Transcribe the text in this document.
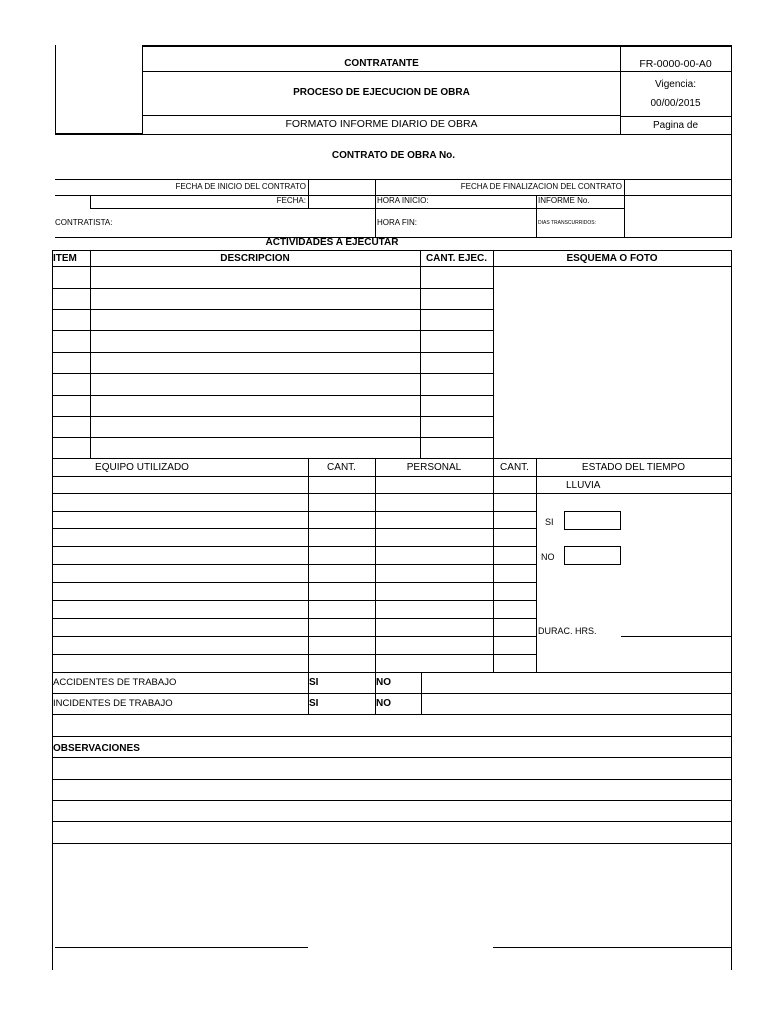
CONTRATANTE	FR-0000-00-A0
PROCESO DE EJECUCION DE OBRA
Vigencia:
00/00/2015
FORMATO INFORME DIARIO DE OBRA	Pagina de
CONTRATO DE OBRA No.
FECHA DE INICIO DEL CONTRATO	FECHA DE FINALIZACION DEL CONTRATO
FECHA:	HORA INICIO:	INFORME No.
CONTRATISTA:	HORA FIN:	DIAS TRANSCURRIDOS:
ACTIVIDADES A EJECUTAR
ITEM	DESCRIPCION	CANT. EJEC.	ESQUEMA O FOTO
EQUIPO UTILIZADO	CANT.	PERSONAL	CANT.	ESTADO DEL TIEMPO
LLUVIA
SI
NO
DURAC. HRS.
ACCIDENTES DE TRABAJO	SI	NO
INCIDENTES DE TRABAJO	SI	NO
OBSERVACIONES
